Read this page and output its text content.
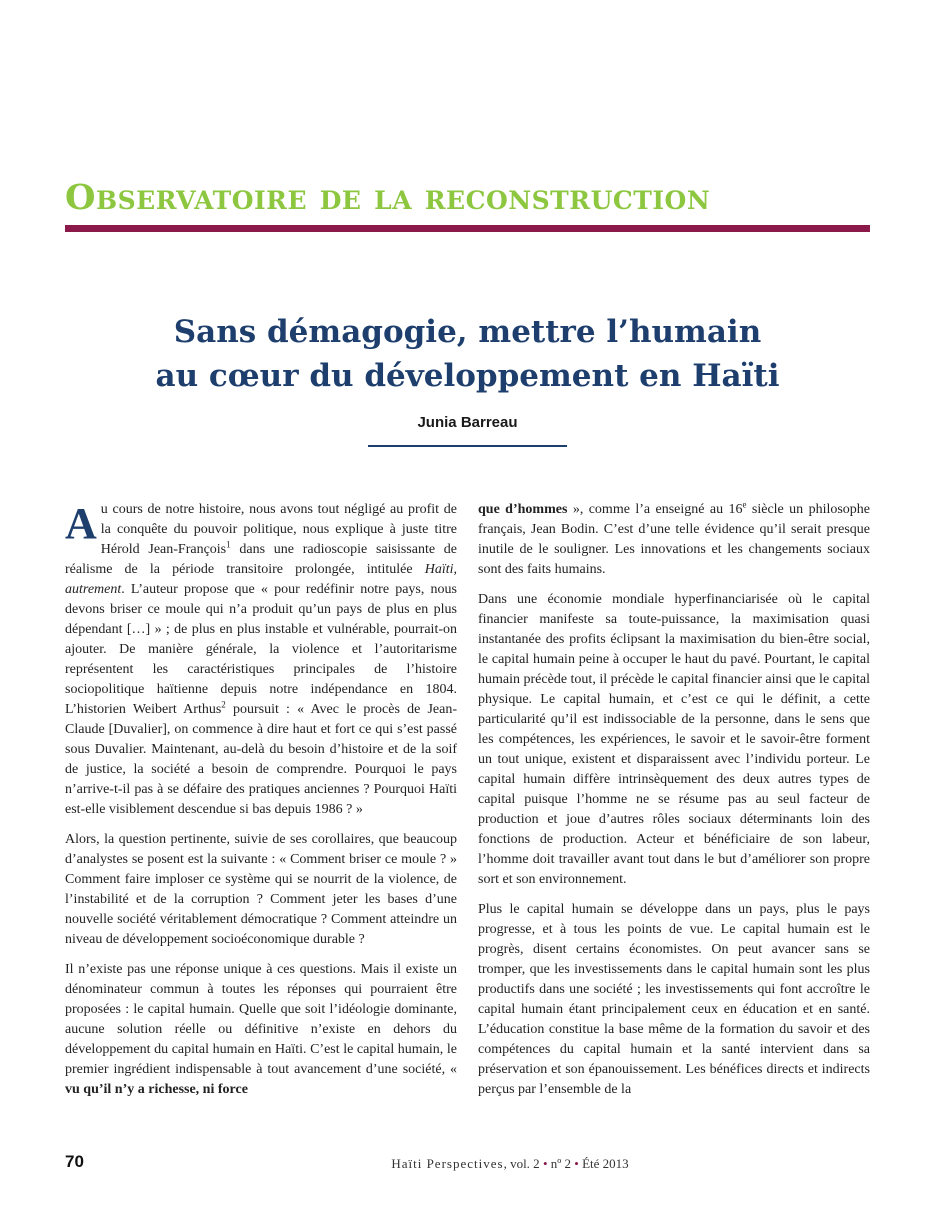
Observatoire de la reconstruction
Sans démagogie, mettre l’humain
au cœur du développement en Haïti
Junia Barreau

Au cours de notre histoire, nous avons tout négligé au profit de la conquête du pouvoir politique, nous explique à juste titre Hérold Jean-François$^1$ dans une radioscopie saisissante de réalisme de la période transitoire prolongée, intitulée Haïti, autrement. L’auteur propose que « pour redéfinir notre pays, nous devons briser ce moule qui n’a produit qu’un pays de plus en plus dépendant […] » ; de plus en plus instable et vulnérable, pourrait-on ajouter. De manière générale, la violence et l’autoritarisme représentent les caractéristiques principales de l’histoire sociopolitique haïtienne depuis notre indépendance en 1804. L’historien Weibert Arthus$^2$ poursuit : « Avec le procès de Jean-Claude [Duvalier], on commence à dire haut et fort ce qui s’est passé sous Duvalier. Maintenant, au-delà du besoin d’histoire et de la soif de justice, la société a besoin de comprendre. Pourquoi le pays n’arrive-t-il pas à se défaire des pratiques anciennes ? Pourquoi Haïti est-elle visiblement descendue si bas depuis 1986 ? »

Alors, la question pertinente, suivie de ses corollaires, que beaucoup d’analystes se posent est la suivante : « Comment briser ce moule ? » Comment faire imploser ce système qui se nourrit de la violence, de l’instabilité et de la corruption ? Comment jeter les bases d’une nouvelle société véritablement démocratique ? Comment atteindre un niveau de développement socioéconomique durable ?

Il n’existe pas une réponse unique à ces questions. Mais il existe un dénominateur commun à toutes les réponses qui pourraient être proposées : le capital humain. Quelle que soit l’idéologie dominante, aucune solution réelle ou définitive n’existe en dehors du développement du capital humain en Haïti. C’est le capital humain, le premier ingrédient indispensable à tout avancement d’une société, « vu qu’il n’y a richesse, ni force

que d’hommes », comme l’a enseigné au 16e siècle un philosophe français, Jean Bodin. C’est d’une telle évidence qu’il serait presque inutile de le souligner. Les innovations et les changements sociaux sont des faits humains.

Dans une économie mondiale hyperfinanciarisée où le capital financier manifeste sa toute-puissance, la maximisation quasi instantanée des profits éclipsant la maximisation du bien-être social, le capital humain peine à occuper le haut du pavé. Pourtant, le capital humain précède tout, il précède le capital financier ainsi que le capital physique. Le capital humain, et c’est ce qui le définit, a cette particularité qu’il est indissociable de la personne, dans le sens que les compétences, les expériences, le savoir et le savoir-être forment un tout unique, existent et disparaissent avec l’individu porteur. Le capital humain diffère intrinsèquement des deux autres types de capital puisque l’homme ne se résume pas au seul facteur de production et joue d’autres rôles sociaux déterminants loin des fonctions de production. Acteur et bénéficiaire de son labeur, l’homme doit travailler avant tout dans le but d’améliorer son propre sort et son environnement.

Plus le capital humain se développe dans un pays, plus le pays progresse, et à tous les points de vue. Le capital humain est le progrès, disent certains économistes. On peut avancer sans se tromper, que les investissements dans le capital humain sont les plus productifs dans une société ; les investissements qui font accroître le capital humain étant principalement ceux en éducation et en santé. L’éducation constitue la base même de la formation du savoir et des compétences du capital humain et la santé intervient dans sa préservation et son épanouissement. Les bénéfices directs et indirects perçus par l’ensemble de la

70	Haïti Perspectives, vol. 2 • nº 2 • Été 2013
